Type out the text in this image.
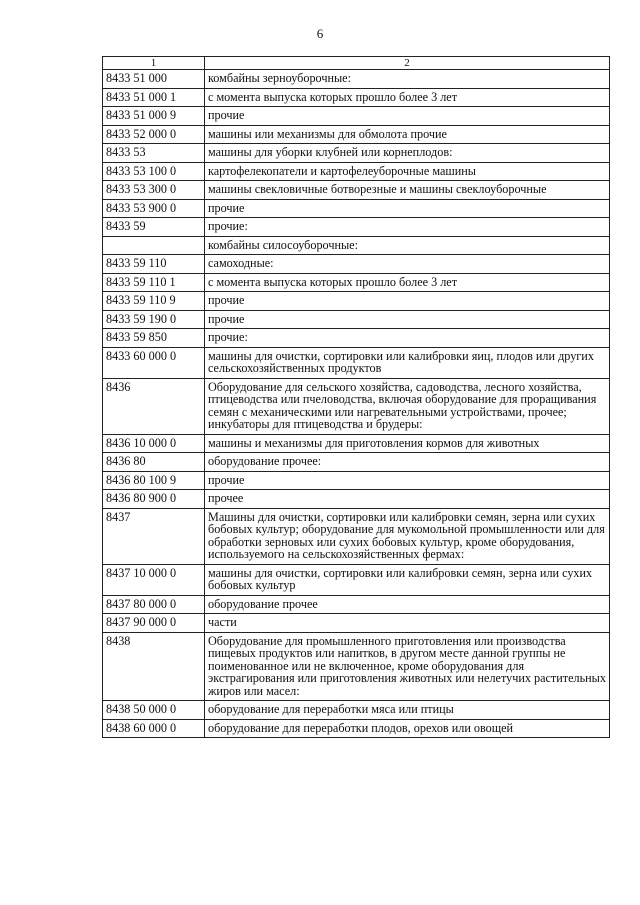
6
1	2
8433 51 000	комбайны зерноуборочные:
8433 51 000 1	с момента выпуска которых прошло более 3 лет
8433 51 000 9	прочие
8433 52 000 0	машины или механизмы для обмолота прочие
8433 53	машины для уборки клубней или корнеплодов:
8433 53 100 0	картофелекопатели и картофелеуборочные машины
8433 53 300 0	машины свекловичные ботворезные и машины свеклоуборочные
8433 53 900 0	прочие
8433 59	прочие:
	комбайны силосоуборочные:
8433 59 110	самоходные:
8433 59 110 1	с момента выпуска которых прошло более 3 лет
8433 59 110 9	прочие
8433 59 190 0	прочие
8433 59 850	прочие:
8433 60 000 0	машины для очистки, сортировки или калибровки яиц, плодов или других сельскохозяйственных продуктов
8436	Оборудование для сельского хозяйства, садоводства, лесного хозяйства, птицеводства или пчеловодства, включая оборудование для проращивания семян с механическими или нагревательными устройствами, прочее; инкубаторы для птицеводства и брудеры:
8436 10 000 0	машины и механизмы для приготовления кормов для животных
8436 80	оборудование прочее:
8436 80 100 9	прочие
8436 80 900 0	прочее
8437	Машины для очистки, сортировки или калибровки семян, зерна или сухих бобовых культур; оборудование для мукомольной промышленности или для обработки зерновых или сухих бобовых культур, кроме оборудования, используемого на сельскохозяйственных фермах:
8437 10 000 0	машины для очистки, сортировки или калибровки семян, зерна или сухих бобовых культур
8437 80 000 0	оборудование прочее
8437 90 000 0	части
8438	Оборудование для промышленного приготовления или производства пищевых продуктов или напитков, в другом месте данной группы не поименованное или не включенное, кроме оборудования для экстрагирования или приготовления животных или нелетучих растительных жиров или масел:
8438 50 000 0	оборудование для переработки мяса или птицы
8438 60 000 0	оборудование для переработки плодов, орехов или овощей
